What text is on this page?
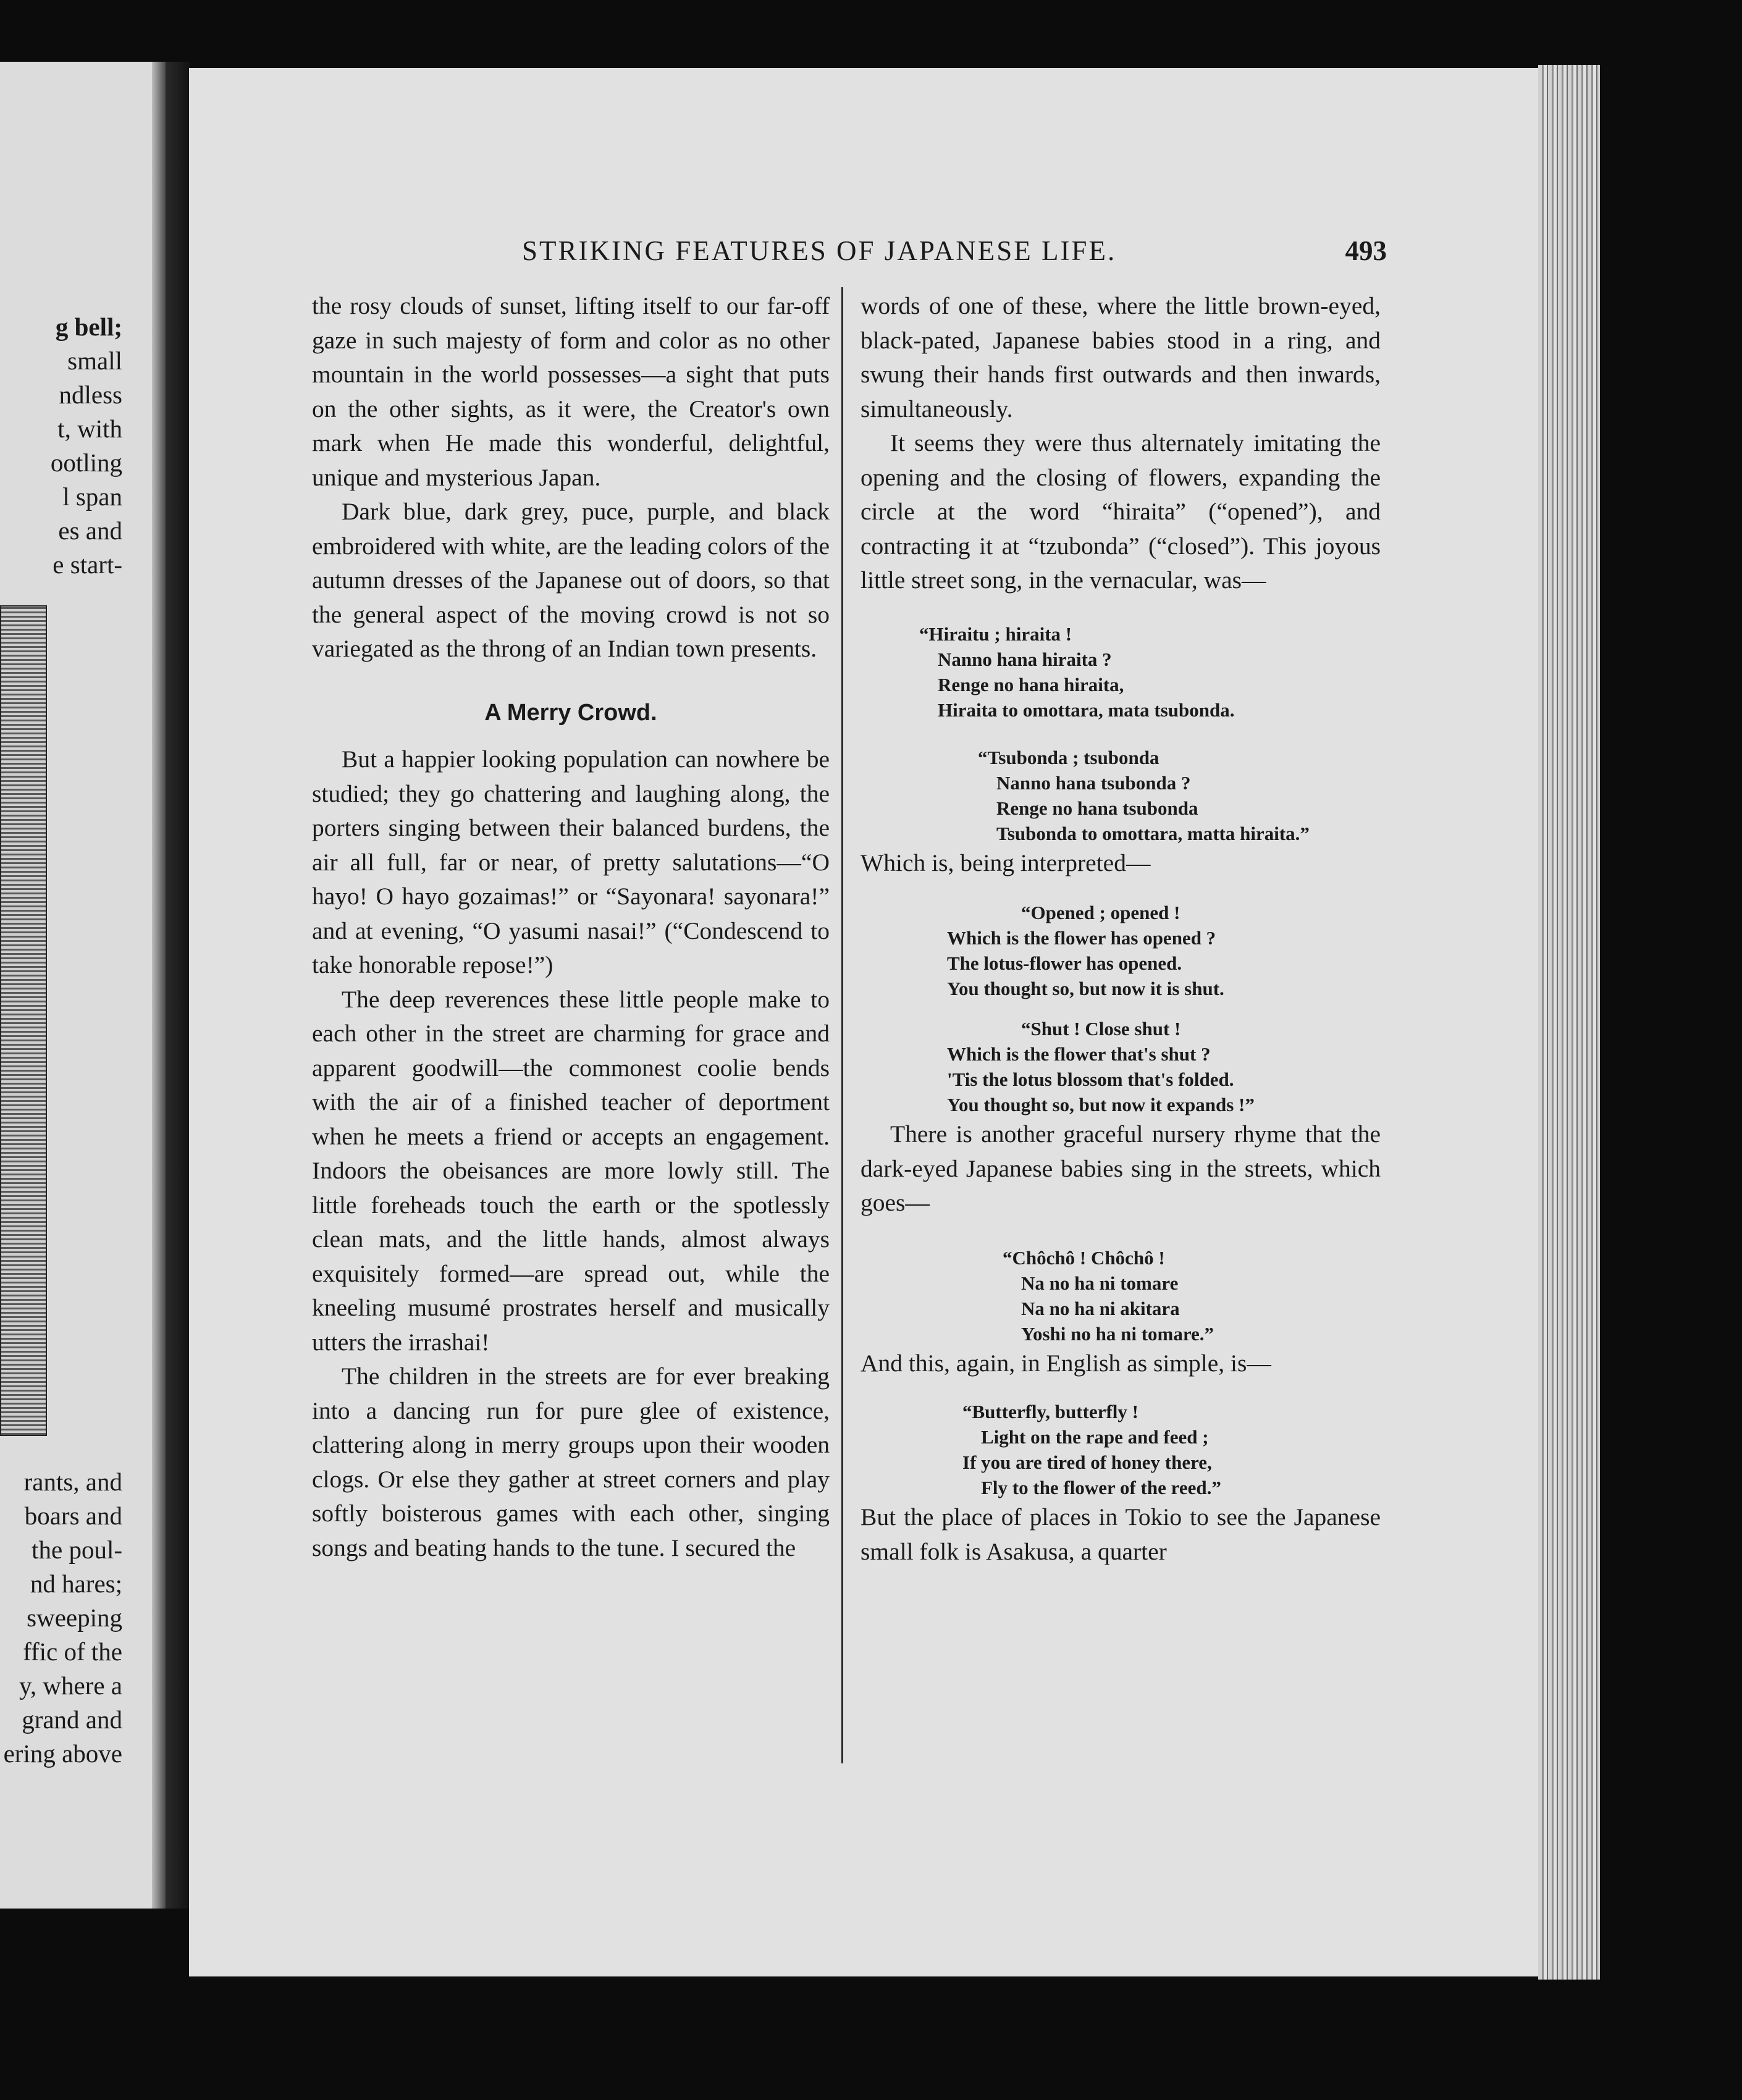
g bell;
small
ndless
t, with
ootling
l span
es and
e start-
rants, and
boars and
the poul-
nd hares;
sweeping
ffic of the
y, where a
grand and
ering above
STRIKING FEATURES OF JAPANESE LIFE.	493

the rosy clouds of sunset, lifting itself to our far-off gaze in such majesty of form and color as no other mountain in the world possesses—a sight that puts on the other sights, as it were, the Creator's own mark when He made this wonderful, delightful, unique and mysterious Japan.

Dark blue, dark grey, puce, purple, and black embroidered with white, are the leading colors of the autumn dresses of the Japanese out of doors, so that the general aspect of the moving crowd is not so variegated as the throng of an Indian town presents.

A Merry Crowd.

But a happier looking population can nowhere be studied; they go chattering and laughing along, the porters singing between their balanced burdens, the air all full, far or near, of pretty salutations—“O hayo! O hayo gozaimas!” or “Sayonara! sayonara!” and at evening, “O yasumi nasai!” (“Condescend to take honorable repose!”)

The deep reverences these little people make to each other in the street are charming for grace and apparent goodwill—the commonest coolie bends with the air of a finished teacher of deportment when he meets a friend or accepts an engagement. Indoors the obeisances are more lowly still. The little foreheads touch the earth or the spotlessly clean mats, and the little hands, almost always exquisitely formed—are spread out, while the kneeling musumé prostrates herself and musically utters the irrashai!

The children in the streets are for ever breaking into a dancing run for pure glee of existence, clattering along in merry groups upon their wooden clogs. Or else they gather at street corners and play softly boisterous games with each other, singing songs and beating hands to the tune. I secured the

words of one of these, where the little brown-eyed, black-pated, Japanese babies stood in a ring, and swung their hands first outwards and then inwards, simultaneously.

It seems they were thus alternately imitating the opening and the closing of flowers, expanding the circle at the word “hiraita” (“opened”), and contracting it at “tzubonda” (“closed”). This joyous little street song, in the vernacular, was—

“Hiraitu ; hiraita !
Nanno hana hiraita ?
Renge no hana hiraita,
Hiraita to omottara, mata tsubonda.
“Tsubonda ; tsubonda
Nanno hana tsubonda ?
Renge no hana tsubonda
Tsubonda to omottara, matta hiraita.”

Which is, being interpreted—

“Opened ; opened !
Which is the flower has opened ?
The lotus-flower has opened.
You thought so, but now it is shut.
“Shut ! Close shut !
Which is the flower that's shut ?
'Tis the lotus blossom that's folded.
You thought so, but now it expands !”

There is another graceful nursery rhyme that the dark-eyed Japanese babies sing in the streets, which goes—

“Chôchô ! Chôchô !
Na no ha ni tomare
Na no ha ni akitara
Yoshi no ha ni tomare.”

And this, again, in English as simple, is—

“Butterfly, butterfly !
Light on the rape and feed ;
If you are tired of honey there,
Fly to the flower of the reed.”

But the place of places in Tokio to see the Japanese small folk is Asakusa, a quarter
